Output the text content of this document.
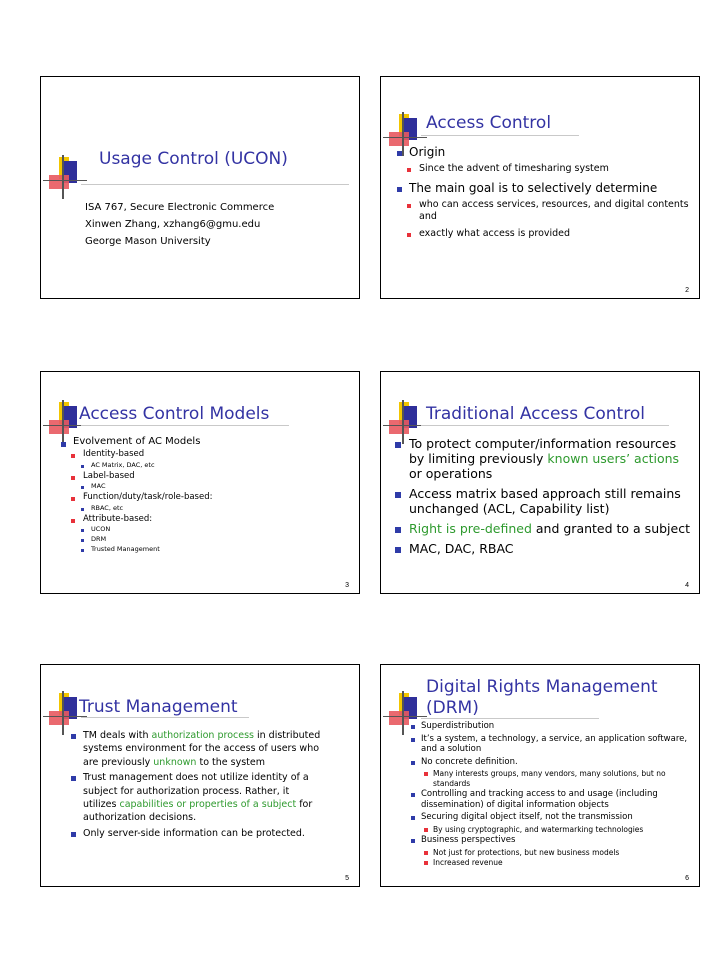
Usage Control (UCON)
ISA 767, Secure Electronic Commerce
Xinwen Zhang, xzhang6@gmu.edu
George Mason University
Access Control
Origin
Since the advent of timesharing system
The main goal is to selectively determine
who can access services, resources, and digital contents and
exactly what access is provided
2
Access Control Models
Evolvement of AC Models
Identity-based
AC Matrix, DAC, etc
Label-based
MAC
Function/duty/task/role-based:
RBAC, etc
Attribute-based:
UCON
DRM
Trusted Management
3
Traditional Access Control
To protect computer/information resources by limiting previously known users’ actions or operations
Access matrix based approach still remains unchanged (ACL, Capability list)
Right is pre-defined and granted to a subject
MAC, DAC, RBAC
4
Trust Management
TM deals with authorization process in distributed systems environment for the access of users who are previously unknown to the system
Trust management does not utilize identity of a subject for authorization process. Rather, it utilizes capabilities or properties of a subject for authorization decisions.
Only server-side information can be protected.
5
Digital Rights Management
(DRM)
Superdistribution
It’s a system, a technology, a service, an application software, and a solution
No concrete definition.
Many interests groups, many vendors, many solutions, but no standards
Controlling and tracking access to and usage (including dissemination) of digital information objects
Securing digital object itself, not the transmission
By using cryptographic, and watermarking technologies
Business perspectives
Not just for protections, but new business models
Increased revenue
6
